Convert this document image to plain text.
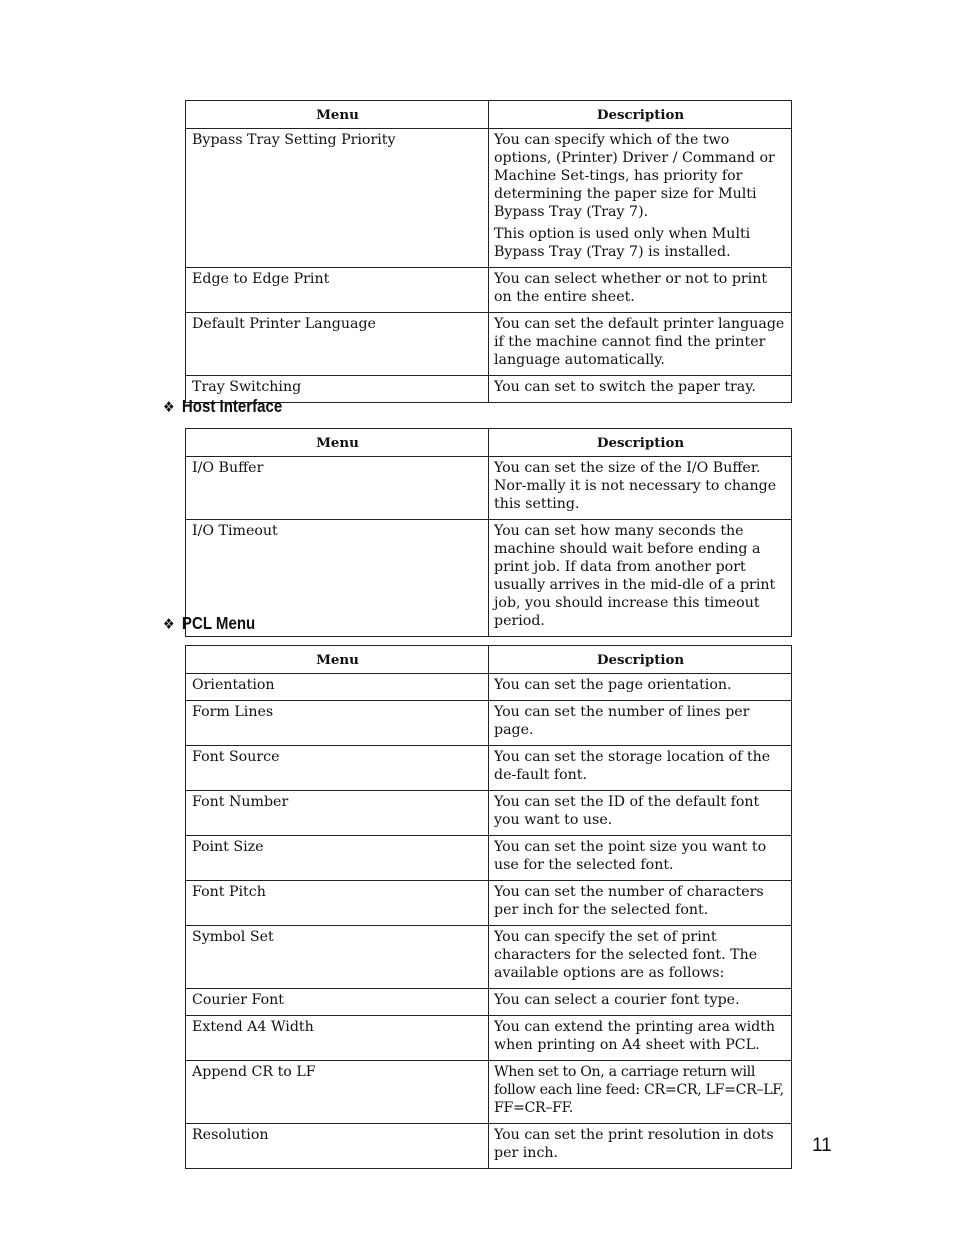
Menu	Description
Bypass Tray Setting Priority	You can specify which of the two options, (Printer) Driver / Command or Machine Set-tings, has priority for determining the paper size for Multi Bypass Tray (Tray 7).

This option is used only when Multi Bypass Tray (Tray 7) is installed.

Edge to Edge Print	You can select whether or not to print on the entire sheet.

Default Printer Language	You can set the default printer language if the machine cannot find the printer language automatically.

Tray Switching	You can set to switch the paper tray.

❖ Host Interface
Menu	Description
I/O Buffer	You can set the size of the I/O Buffer. Nor-mally it is not necessary to change this setting.

I/O Timeout	You can set how many seconds the machine should wait before ending a print job. If data from another port usually arrives in the mid-dle of a print job, you should increase this timeout period.

❖ PCL Menu
Menu	Description
Orientation	You can set the page orientation.

Form Lines	You can set the number of lines per page.

Font Source	You can set the storage location of the de-fault font.

Font Number	You can set the ID of the default font you want to use.

Point Size	You can set the point size you want to use for the selected font.

Font Pitch	You can set the number of characters per inch for the selected font.

Symbol Set	You can specify the set of print characters for the selected font. The available options are as follows:

Courier Font	You can select a courier font type.

Extend A4 Width	You can extend the printing area width when printing on A4 sheet with PCL.

Append CR to LF	When set to On, a carriage return will follow each line feed: CR=CR, LF=CR–LF, FF=CR–FF.

Resolution	You can set the print resolution in dots per inch.	11
